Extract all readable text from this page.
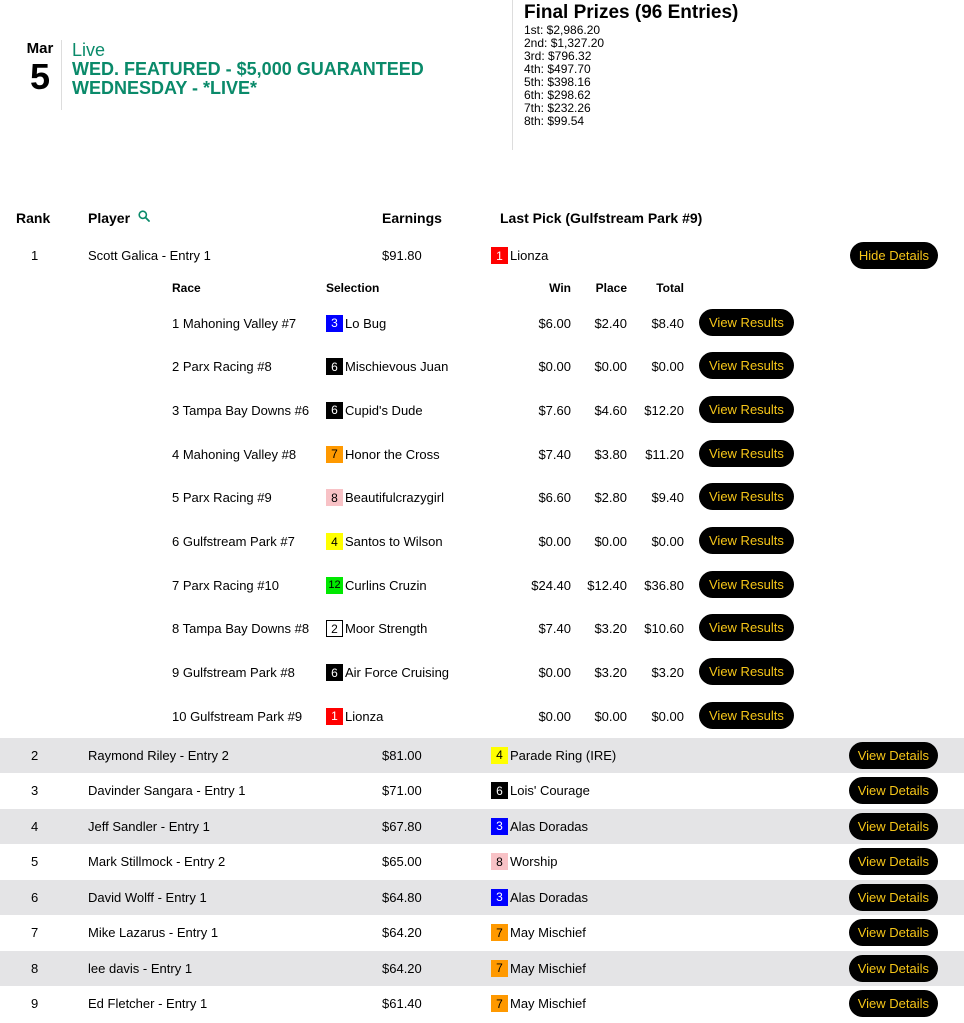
Mar
5
Live
WED. FEATURED - $5,000 GUARANTEED WEDNESDAY - *LIVE*
Final Prizes (96 Entries)
1st: $2,986.20
2nd: $1,327.20
3rd: $796.32
4th: $497.70
5th: $398.16
6th: $298.62
7th: $232.26
8th: $99.54
Rank	Player	Earnings	Last Pick (Gulfstream Park #9)
1	Scott Galica - Entry 1	$91.80	1 Lionza	Hide Details
Race	Selection	Win Place Total
1 Mahoning Valley #7	3 Lo Bug	$6.00 $2.40 $8.40	View Results
2 Parx Racing #8	6 Mischievous Juan	$0.00 $0.00 $0.00	View Results
3 Tampa Bay Downs #6	6 Cupid's Dude	$7.60 $4.60 $12.20	View Results
4 Mahoning Valley #8	7 Honor the Cross	$7.40 $3.80 $11.20	View Results
5 Parx Racing #9	8 Beautifulcrazygirl	$6.60 $2.80 $9.40	View Results
6 Gulfstream Park #7	4 Santos to Wilson	$0.00 $0.00 $0.00	View Results
7 Parx Racing #10	12 Curlins Cruzin	$24.40 $12.40 $36.80	View Results
8 Tampa Bay Downs #8	2 Moor Strength	$7.40 $3.20 $10.60	View Results
9 Gulfstream Park #8	6 Air Force Cruising	$0.00 $3.20 $3.20	View Results
10 Gulfstream Park #9	1 Lionza	$0.00 $0.00 $0.00	View Results
2	Raymond Riley - Entry 2	$81.00	4 Parade Ring (IRE)	View Details
3	Davinder Sangara - Entry 1	$71.00	6 Lois' Courage	View Details
4	Jeff Sandler - Entry 1	$67.80	3 Alas Doradas	View Details
5	Mark Stillmock - Entry 2	$65.00	8 Worship	View Details
6	David Wolff - Entry 1	$64.80	3 Alas Doradas	View Details
7	Mike Lazarus - Entry 1	$64.20	7 May Mischief	View Details
8	lee davis - Entry 1	$64.20	7 May Mischief	View Details
9	Ed Fletcher - Entry 1	$61.40	7 May Mischief	View Details
